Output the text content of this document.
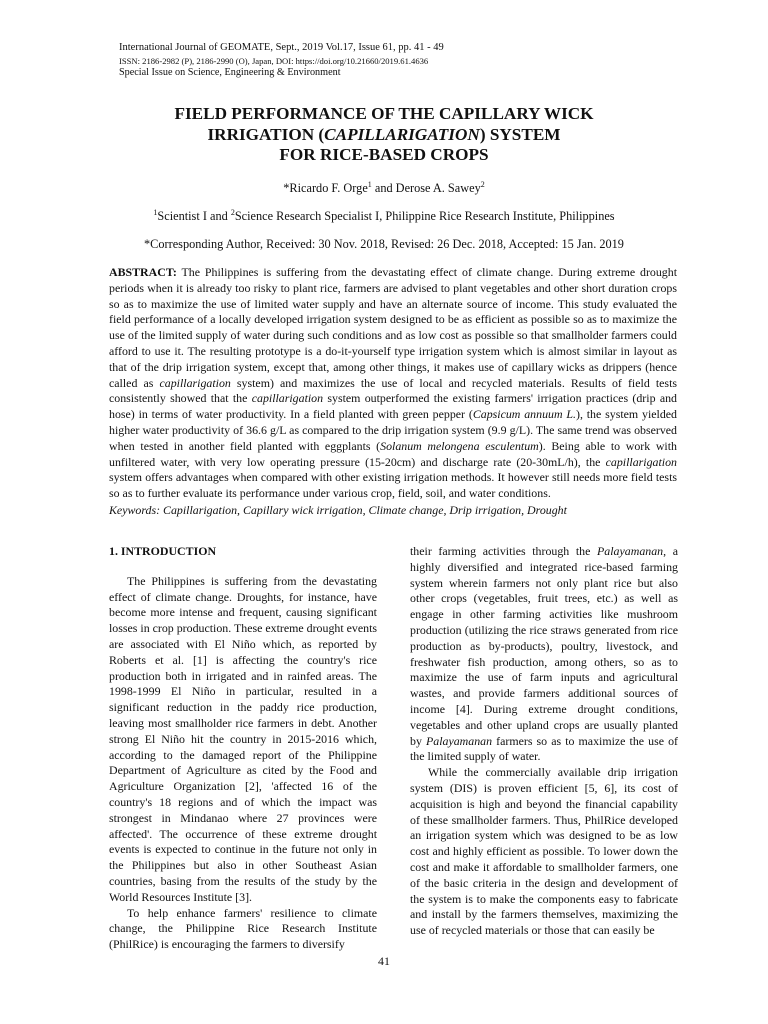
International Journal of GEOMATE, Sept., 2019 Vol.17, Issue 61, pp. 41 - 49
ISSN: 2186-2982 (P), 2186-2990 (O), Japan, DOI: https://doi.org/10.21660/2019.61.4636
Special Issue on Science, Engineering & Environment
FIELD PERFORMANCE OF THE CAPILLARY WICK
IRRIGATION (CAPILLARIGATION) SYSTEM
FOR RICE-BASED CROPS
*Ricardo F. Orge$^1$ and Derose A. Sawey$^2$
$^1$Scientist I and $^2$Science Research Specialist I, Philippine Rice Research Institute, Philippines
*Corresponding Author, Received: 30 Nov. 2018, Revised: 26 Dec. 2018, Accepted: 15 Jan. 2019
ABSTRACT: The Philippines is suffering from the devastating effect of climate change. During extreme drought periods when it is already too risky to plant rice, farmers are advised to plant vegetables and other short duration crops so as to maximize the use of limited water supply and have an alternate source of income. This study evaluated the field performance of a locally developed irrigation system designed to be as efficient as possible so as to maximize the use of the limited supply of water during such conditions and as low cost as possible so that smallholder farmers could afford to use it. The resulting prototype is a do-it-yourself type irrigation system which is almost similar in layout as that of the drip irrigation system, except that, among other things, it makes use of capillary wicks as drippers (hence called as capillarigation system) and maximizes the use of local and recycled materials. Results of field tests consistently showed that the capillarigation system outperformed the existing farmers' irrigation practices (drip and hose) in terms of water productivity. In a field planted with green pepper (Capsicum annuum L.), the system yielded higher water productivity of 36.6 g/L as compared to the drip irrigation system (9.9 g/L). The same trend was observed when tested in another field planted with eggplants (Solanum melongena esculentum). Being able to work with unfiltered water, with very low operating pressure (15-20cm) and discharge rate (20-30mL/h), the capillarigation system offers advantages when compared with other existing irrigation methods. It however still needs more field tests so as to further evaluate its performance under various crop, field, soil, and water conditions.
Keywords: Capillarigation, Capillary wick irrigation, Climate change, Drip irrigation, Drought

1. INTRODUCTION

The Philippines is suffering from the devastating effect of climate change. Droughts, for instance, have become more intense and frequent, causing significant losses in crop production. These extreme drought events are associated with El Niño which, as reported by Roberts et al. [1] is affecting the country's rice production both in irrigated and in rainfed areas. The 1998-1999 El Niño in particular, resulted in a significant reduction in the paddy rice production, leaving most smallholder rice farmers in debt. Another strong El Niño hit the country in 2015-2016 which, according to the damaged report of the Philippine Department of Agriculture as cited by the Food and Agriculture Organization [2], 'affected 16 of the country's 18 regions and of which the impact was strongest in Mindanao where 27 provinces were affected'. The occurrence of these extreme drought events is expected to continue in the future not only in the Philippines but also in other Southeast Asian countries, basing from the results of the study by the World Resources Institute [3].

To help enhance farmers' resilience to climate change, the Philippine Rice Research Institute (PhilRice) is encouraging the farmers to diversify

their farming activities through the Palayamanan, a highly diversified and integrated rice-based farming system wherein farmers not only plant rice but also other crops (vegetables, fruit trees, etc.) as well as engage in other farming activities like mushroom production (utilizing the rice straws generated from rice production as by-products), poultry, livestock, and freshwater fish production, among others, so as to maximize the use of farm inputs and agricultural wastes, and provide farmers additional sources of income [4]. During extreme drought conditions, vegetables and other upland crops are usually planted by Palayamanan farmers so as to maximize the use of the limited supply of water.

While the commercially available drip irrigation system (DIS) is proven efficient [5, 6], its cost of acquisition is high and beyond the financial capability of these smallholder farmers. Thus, PhilRice developed an irrigation system which was designed to be as low cost and highly efficient as possible. To lower down the cost and make it affordable to smallholder farmers, one of the basic criteria in the design and development of the system is to make the components easy to fabricate and install by the farmers themselves, maximizing the use of recycled materials or those that can easily be

41
